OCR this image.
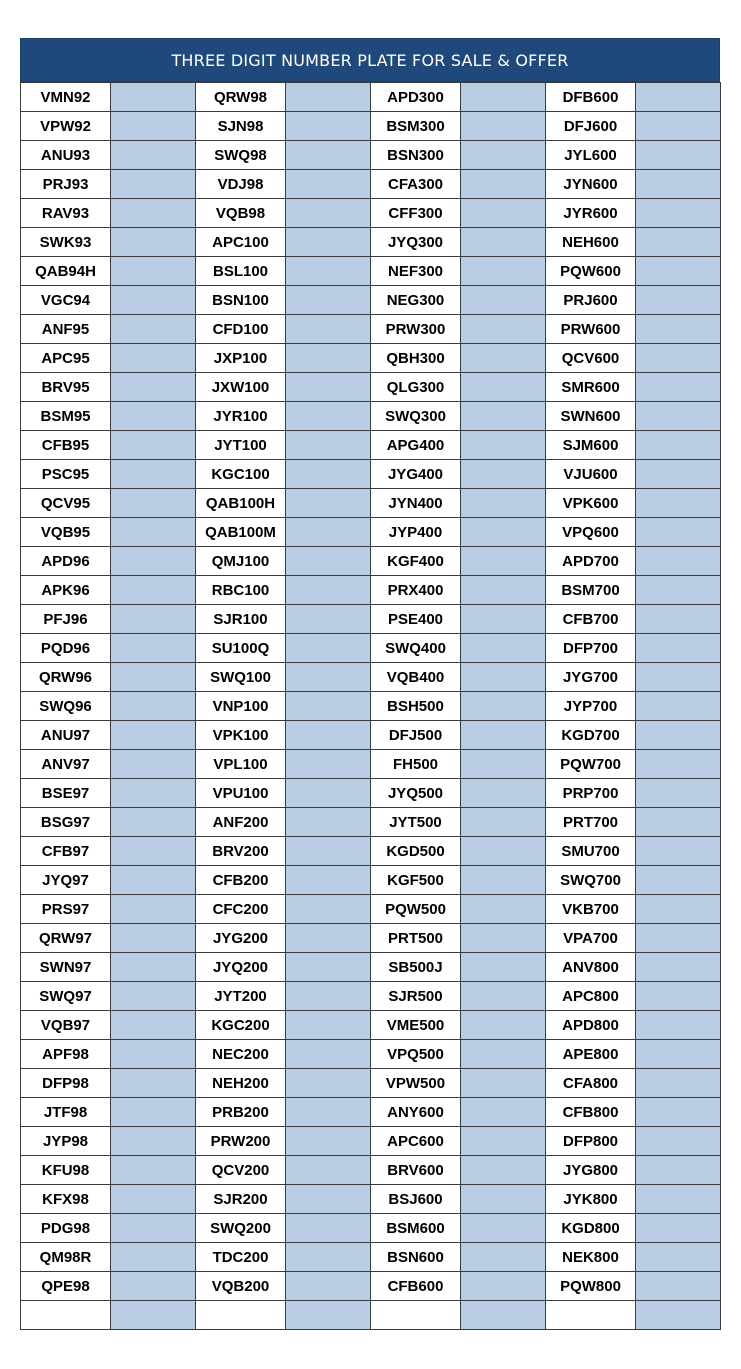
THREE DIGIT NUMBER PLATE FOR SALE & OFFER
VMN92		QRW98		APD300		DFB600	
VPW92		SJN98		BSM300		DFJ600	
ANU93		SWQ98		BSN300		JYL600	
PRJ93		VDJ98		CFA300		JYN600	
RAV93		VQB98		CFF300		JYR600	
SWK93		APC100		JYQ300		NEH600	
QAB94H		BSL100		NEF300		PQW600	
VGC94		BSN100		NEG300		PRJ600	
ANF95		CFD100		PRW300		PRW600	
APC95		JXP100		QBH300		QCV600	
BRV95		JXW100		QLG300		SMR600	
BSM95		JYR100		SWQ300		SWN600	
CFB95		JYT100		APG400		SJM600	
PSC95		KGC100		JYG400		VJU600	
QCV95		QAB100H		JYN400		VPK600	
VQB95		QAB100M		JYP400		VPQ600	
APD96		QMJ100		KGF400		APD700	
APK96		RBC100		PRX400		BSM700	
PFJ96		SJR100		PSE400		CFB700	
PQD96		SU100Q		SWQ400		DFP700	
QRW96		SWQ100		VQB400		JYG700	
SWQ96		VNP100		BSH500		JYP700	
ANU97		VPK100		DFJ500		KGD700	
ANV97		VPL100		FH500		PQW700	
BSE97		VPU100		JYQ500		PRP700	
BSG97		ANF200		JYT500		PRT700	
CFB97		BRV200		KGD500		SMU700	
JYQ97		CFB200		KGF500		SWQ700	
PRS97		CFC200		PQW500		VKB700	
QRW97		JYG200		PRT500		VPA700	
SWN97		JYQ200		SB500J		ANV800	
SWQ97		JYT200		SJR500		APC800	
VQB97		KGC200		VME500		APD800	
APF98		NEC200		VPQ500		APE800	
DFP98		NEH200		VPW500		CFA800	
JTF98		PRB200		ANY600		CFB800	
JYP98		PRW200		APC600		DFP800	
KFU98		QCV200		BRV600		JYG800	
KFX98		SJR200		BSJ600		JYK800	
PDG98		SWQ200		BSM600		KGD800	
QM98R		TDC200		BSN600		NEK800	
QPE98		VQB200		CFB600		PQW800	
